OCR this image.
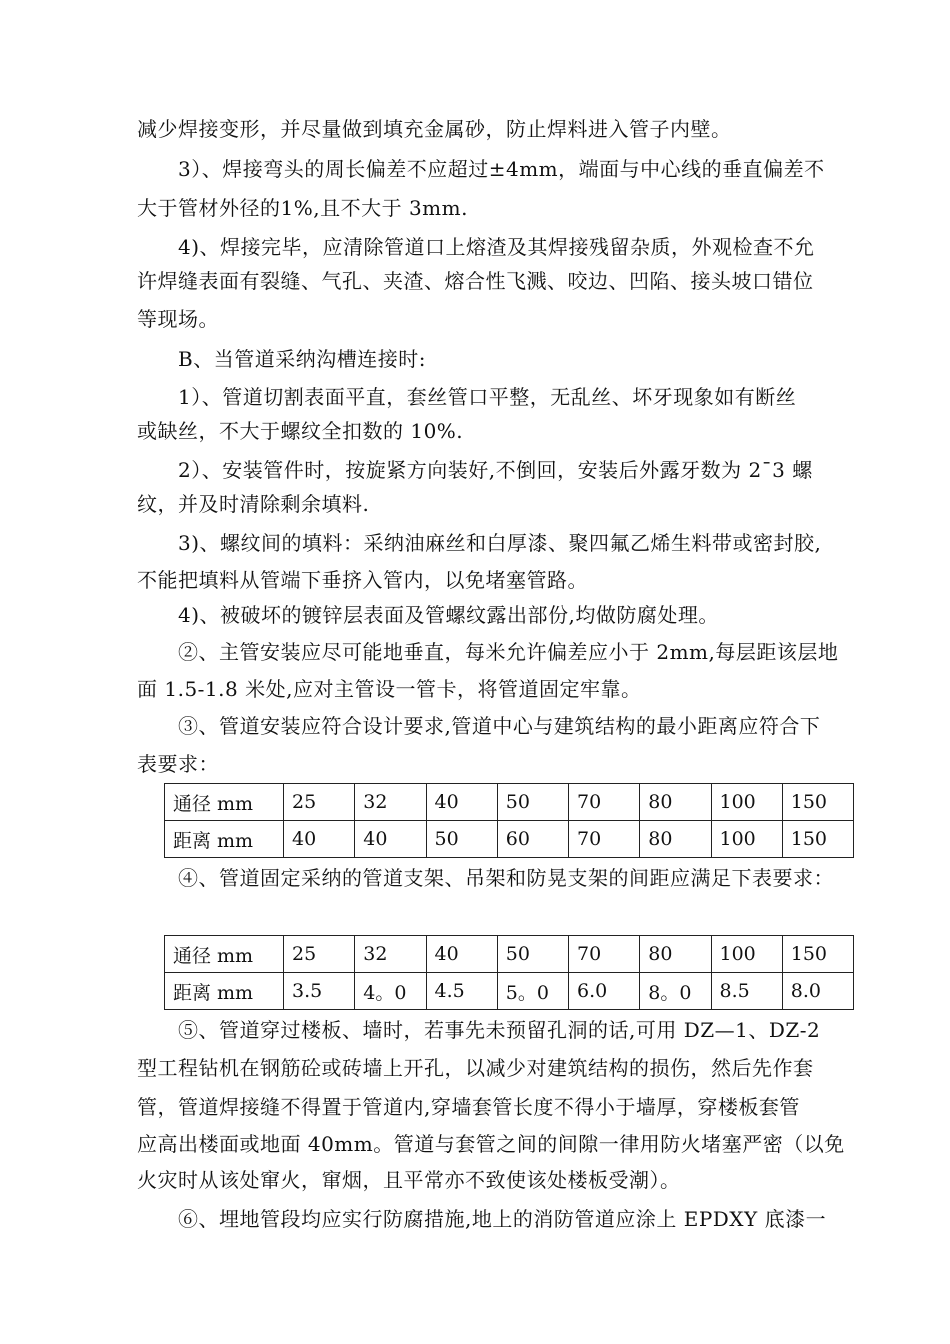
减少焊接变形，并尽量做到填充金属砂，防止焊料进入管子内壁。
3）、焊接弯头的周长偏差不应超过±4mm，端面与中心线的垂直偏差不
大于管材外径的1%,且不大于 3mm.
4)、焊接完毕，应清除管道口上熔渣及其焊接残留杂质，外观检查不允
许焊缝表面有裂缝、气孔、夹渣、熔合性飞溅、咬边、凹陷、接头坡口错位
等现场。
B、当管道采纳沟槽连接时:
1）、管道切割表面平直，套丝管口平整，无乱丝、坏牙现象如有断丝
或缺丝，不大于螺纹全扣数的 10%.
2）、安装管件时，按旋紧方向装好,不倒回，安装后外露牙数为 2¯3 螺
纹，并及时清除剩余填料.
3)、螺纹间的填料：采纳油麻丝和白厚漆、聚四氟乙烯生料带或密封胶,
不能把填料从管端下垂挤入管内，以免堵塞管路。
4)、被破坏的镀锌层表面及管螺纹露出部份,均做防腐处理。
②、主管安装应尽可能地垂直，每米允许偏差应小于 2mm,每层距该层地
面 1.5-1.8 米处,应对主管设一管卡，将管道固定牢靠。
③、管道安装应符合设计要求,管道中心与建筑结构的最小距离应符合下
表要求：
通径 mm	25	32	40	50	70	80	100	150
距离 mm	40	40	50	60	70	80	100	150
④、管道固定采纳的管道支架、吊架和防晃支架的间距应满足下表要求：
通径 mm	25	32	40	50	70	80	100	150
距离 mm	3.5	4。0	4.5	5。0	6.0	8。0	8.5	8.0
⑤、管道穿过楼板、墙时，若事先未预留孔洞的话,可用 DZ—1、DZ-2
型工程钻机在钢筋砼或砖墙上开孔，以减少对建筑结构的损伤，然后先作套
管，管道焊接缝不得置于管道内,穿墙套管长度不得小于墙厚，穿楼板套管
应高出楼面或地面 40mm。管道与套管之间的间隙一律用防火堵塞严密（以免
火灾时从该处窜火，窜烟，且平常亦不致使该处楼板受潮）。
⑥、埋地管段均应实行防腐措施,地上的消防管道应涂上 EPDXY 底漆一
